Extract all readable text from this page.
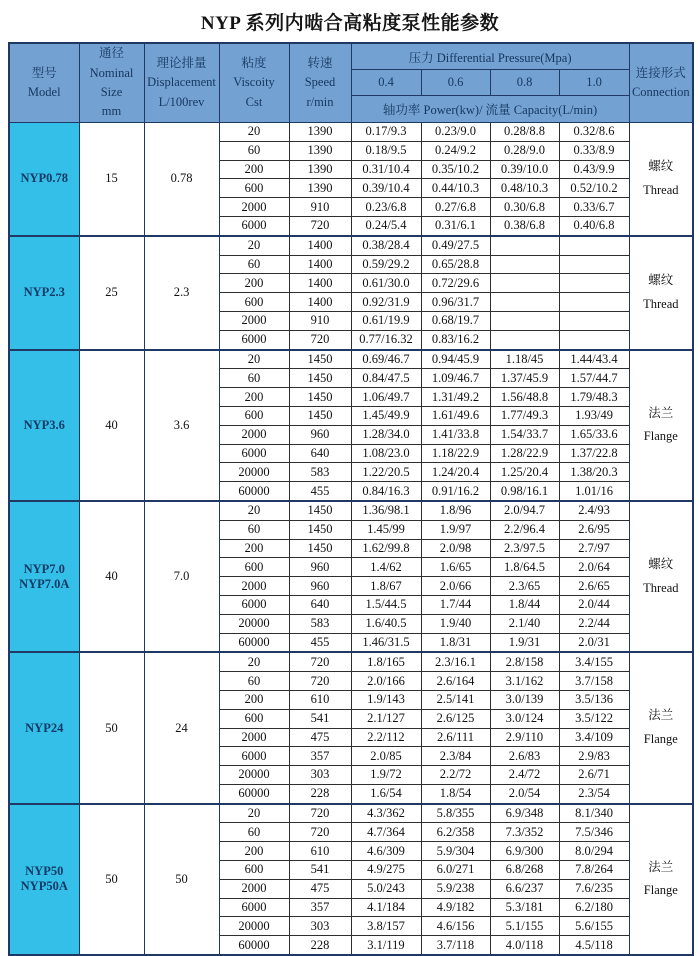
NYP 系列内啮合高粘度泵性能参数
型号
Model	通径
Nominal Size
mm	理论排量
Displacement
L/100rev	粘度
Viscoity
Cst	转速
Speed
r/min	压力 Differential Pressure(Mpa)				连接形式
Connection

					0.4	0.6	0.8	1.0	
					轴功率 Power(kw)/ 流量 Capacity(L/min)				

NYP0.78	15	0.78	20	1390	0.17/9.3	0.23/9.0	0.28/8.8	0.32/8.6	螺纹
Thread

			60	1390	0.18/9.5	0.24/9.2	0.28/9.0	0.33/8.9	
			200	1390	0.31/10.4	0.35/10.2	0.39/10.0	0.43/9.9	
			600	1390	0.39/10.4	0.44/10.3	0.48/10.3	0.52/10.2	
			2000	910	0.23/6.8	0.27/6.8	0.30/6.8	0.33/6.7	
			6000	720	0.24/5.4	0.31/6.1	0.38/6.8	0.40/6.8	

NYP2.3	25	2.3	20	1400	0.38/28.4	0.49/27.5			螺纹
Thread

			60	1400	0.59/29.2	0.65/28.8			
			200	1400	0.61/30.0	0.72/29.6			
			600	1400	0.92/31.9	0.96/31.7			
			2000	910	0.61/19.9	0.68/19.7			
			6000	720	0.77/16.32	0.83/16.2			

NYP3.6	40	3.6	20	1450	0.69/46.7	0.94/45.9	1.18/45	1.44/43.4	法兰
Flange

			60	1450	0.84/47.5	1.09/46.7	1.37/45.9	1.57/44.7	
			200	1450	1.06/49.7	1.31/49.2	1.56/48.8	1.79/48.3	
			600	1450	1.45/49.9	1.61/49.6	1.77/49.3	1.93/49	
			2000	960	1.28/34.0	1.41/33.8	1.54/33.7	1.65/33.6	
			6000	640	1.08/23.0	1.18/22.9	1.28/22.9	1.37/22.8	
			20000	583	1.22/20.5	1.24/20.4	1.25/20.4	1.38/20.3	
			60000	455	0.84/16.3	0.91/16.2	0.98/16.1	1.01/16	

NYP7.0
NYP7.0A
	40	7.0	20	1450	1.36/98.1	1.8/96	2.0/94.7	2.4/93	
螺纹
Thread

			60	1450	1.45/99	1.9/97	2.2/96.4	2.6/95	
			200	1450	1.62/99.8	2.0/98	2.3/97.5	2.7/97	
			600	960	1.4/62	1.6/65	1.8/64.5	2.0/64	
			2000	960	1.8/67	2.0/66	2.3/65	2.6/65	
			6000	640	1.5/44.5	1.7/44	1.8/44	2.0/44	
			20000	583	1.6/40.5	1.9/40	2.1/40	2.2/44	
			60000	455	1.46/31.5	1.8/31	1.9/31	2.0/31	

NYP24	50	24	20	720	1.8/165	2.3/16.1	2.8/158	3.4/155	法兰
Flange

			60	720	2.0/166	2.6/164	3.1/162	3.7/158	
			200	610	1.9/143	2.5/141	3.0/139	3.5/136	
			600	541	2.1/127	2.6/125	3.0/124	3.5/122	
			2000	475	2.2/112	2.6/111	2.9/110	3.4/109	
			6000	357	2.0/85	2.3/84	2.6/83	2.9/83	
			20000	303	1.9/72	2.2/72	2.4/72	2.6/71	
			60000	228	1.6/54	1.8/54	2.0/54	2.3/54	

NYP50
NYP50A
	50	50	20	720	4.3/362	5.8/355	6.9/348	8.1/340	
法兰
Flange

			60	720	4.7/364	6.2/358	7.3/352	7.5/346	
			200	610	4.6/309	5.9/304	6.9/300	8.0/294	
			600	541	4.9/275	6.0/271	6.8/268	7.8/264	
			2000	475	5.0/243	5.9/238	6.6/237	7.6/235	
			6000	357	4.1/184	4.9/182	5.3/181	6.2/180	
			20000	303	3.8/157	4.6/156	5.1/155	5.6/155	
			60000	228	3.1/119	3.7/118	4.0/118	4.5/118	
